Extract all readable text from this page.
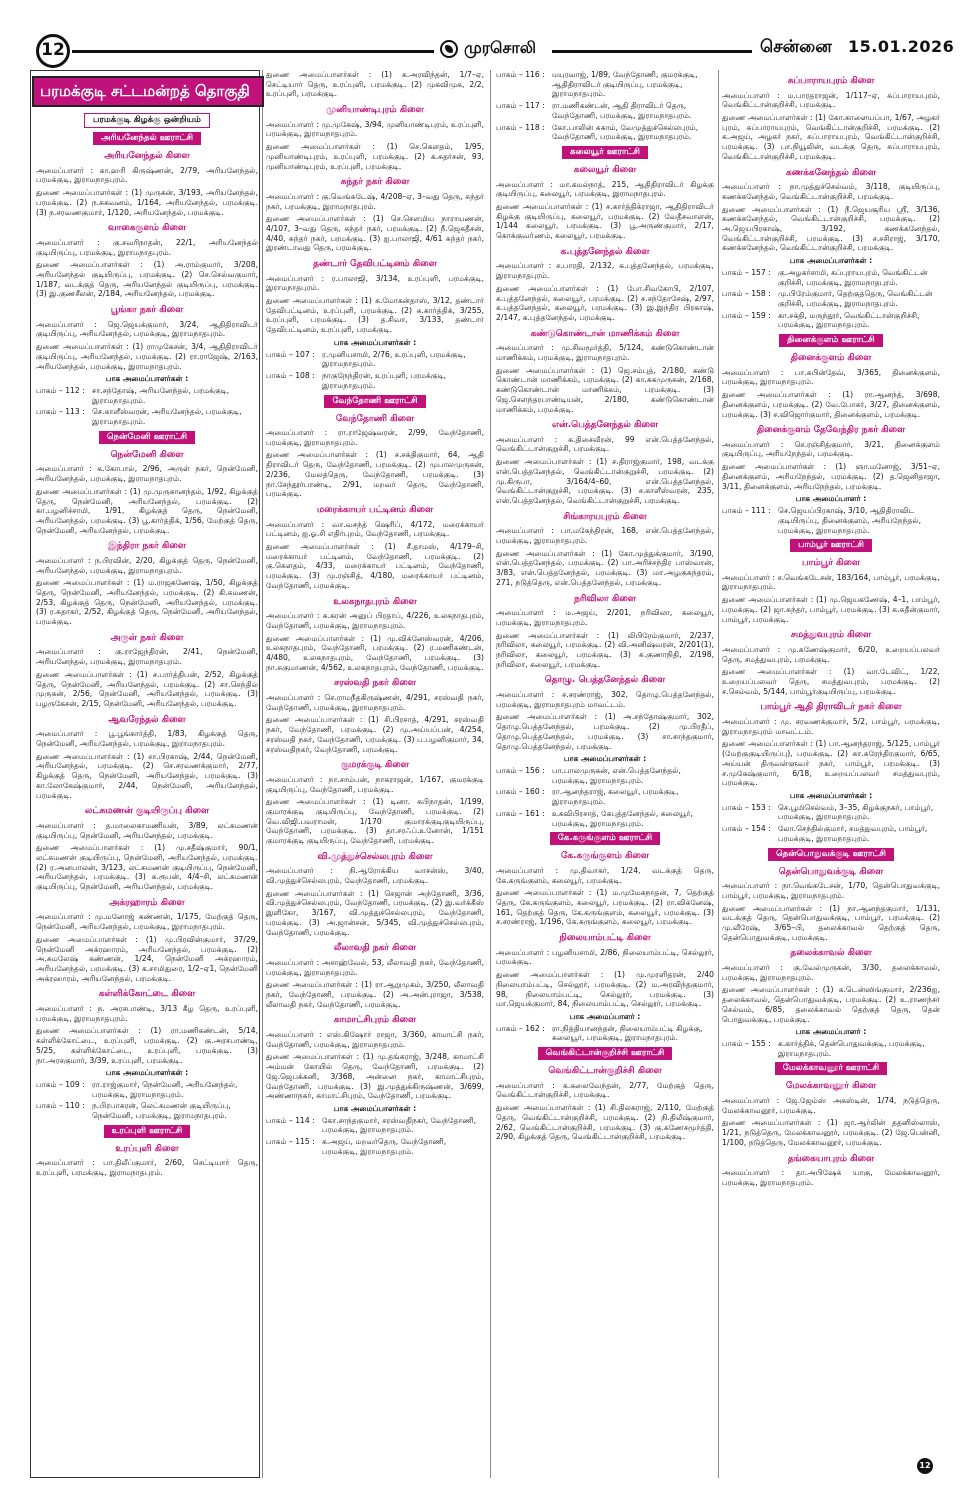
12	முரசொலி	சென்னை 15.01.2026
பரமக்குடி சட்டமன்றத் தொகுதி
பரமக்குடி கிழக்கு ஒன்றியம்
அரியனேந்தல் ஊராட்சி
அரியனேந்தல் கிளை
அமைப்பாளர் : கா.ஹரி கிருஷ்ணன், 2/79, அரியனேந்தல், பரமக்குடி, இராமநாதபுரம்.
துணை அமைப்பாளர்கள் : (1) முருகன், 3/193, அரியனேந்தல், பரமக்குடி. (2) ந.சுகவனம், 1/164, அரியனேந்தல், பரமக்குடி. (3) ந.சரவணகுமார், 1/120, அரியனேந்தல், பரமக்குடி.
வாகைகுளம் கிளை
அமைப்பாளர் : கு.சவரிநாதன், 22/1, அரியனேந்தல் குடியிருப்பு, பரமக்குடி, இராமநாதபுரம்.
துணை அமைப்பாளர்கள் : (1) அ.ராம்குமார், 3/208, அரியனேந்தல் குடியிருப்பு, பரமக்குடி. (2) செ.செல்வகுமார், 1/187, வடக்குத் தெரு, அரியனேந்தல் குடியிருப்பு, பரமக்குடி. (3) இ.குணசீலன், 2/184, அரியனேந்தல், பரமக்குடி.
பூங்கா நகர் கிளை
அமைப்பாளர் : ஜெ.ஜெயக்குமார், 3/24, ஆதிதிராவிடர் குடியிருப்பு, அரியனேந்தல், பரமக்குடி, இராமநாதபுரம்.
துணை அமைப்பாளர்கள் : (1) ராமுகேசன், 3/4, ஆதிதிராவிடர் குடியிருப்பு, அரியனேந்தல், பரமக்குடி. (2) ரா.ராஜேஷ், 2/163, அரியனேந்தல், பரமக்குடி, இராமநாதபுரம்.
பாக அமைப்பாளர்கள் :
பாகம் – 112 : சா.சந்தோஷ், அரியனேந்தல், பரமக்குடி, இராமநாதபுரம்.
பாகம் – 113 : செ.காளீஸ்வரன், அரியனேந்தல், பரமக்குடி, இராமநாதபுரம்.
நென்மேனி ஊராட்சி
நென்மேனி கிளை
அமைப்பாளர் : க.கோபால், 2/96, அருள் நகர், நென்மேனி, அரியனேந்தல், பரமக்குடி, இராமநாதபுரம்.
துணை அமைப்பாளர்கள் : (1) மு.முருகானந்தம், 1/92, கிழக்குத் தெரு, நென்மேனி, அரியனேந்தல், பரமக்குடி. (2) கா.பழனிச்சாமி, 1/91, கிழக்குத் தெரு, நென்மேனி, அரியனேந்தல், பரமக்குடி. (3) பூ.கார்த்திக், 1/56, மேற்குத் தெரு, நென்மேனி, அரியனேந்தல், பரமக்குடி.
இந்திரா நகர் கிளை
அமைப்பாளர் : ந.பிரவின், 2/20, கிழக்குத் தெரு, நென்மேனி, அரியனேந்தல், பரமக்குடி, இராமநாதபுரம்.
துணை அமைப்பாளர்கள் : (1) ம.ராஜகணேஷ், 1/50, கிழக்குத் தெரு, நென்மேனி, அரியனேந்தல், பரமக்குடி. (2) கி.சுமணன், 2/53, கிழக்குத் தெரு, நென்மேனி, அரியனேந்தல், பரமக்குடி. (3) ர.சுதாகர், 2/52, கிழக்குத் தெரு, நென்மேனி, அரியனேந்தல், பரமக்குடி.
அருள் நகர் கிளை
அமைப்பாளர் : கு.ராஜேந்திரன், 2/41, நென்மேனி, அரியனேந்தல், பரமக்குடி, இராமநாதபுரம்.
துணை அமைப்பாளர்கள் : (1) ச.பார்த்திபன், 2/52, கிழக்குத் தெரு, நென்மேனி, அரியனேந்தல், பரமக்குடி. (2) சா.செந்தில் முருகன், 2/56, நென்மேனி, அரியனேந்தல், பரமக்குடி. (3) பழருகேசன், 2/15, நென்மேனி, அரியனேந்தல், பரமக்குடி.
ஆவரேந்தல் கிளை
அமைப்பாளர் : பூ.பூங்கார்த்தி, 1/83, கிழக்குத் தெரு, நென்மேனி, அரியனேந்தல், பரமக்குடி, இராமநாதபுரம்.
துணை அமைப்பாளர்கள் : (1) சா.பிரகாஷ், 2/44, நென்மேனி, அரியனேந்தல், பரமக்குடி. (2) செ.சரவணக்குமார், 2/77, கிழக்குத் தெரு, நென்மேனி, அரியனேந்தல், பரமக்குடி. (3) கா.லோகேஷ்குமார், 2/44, நென்மேனி, அரியனேந்தல், பரமக்குடி.
லட்சுமணன் குடியிருப்பு கிளை
அமைப்பாளர் : த.மாலைகாமணியன், 3/89, லட்சுமணன் குடியிருப்பு, நென்மேனி, அரியனேந்தல், பரமக்குடி.
துணை அமைப்பாளர்கள் : (1) மு.சதீஷ்குமார், 90/1, லட்சுமணன் குடியிருப்பு, நென்மேனி, அரியனேந்தல், பரமக்குடி. (2) ர.அனபாலன், 3/123, லட்சுமணன் குடியிருப்பு, நென்மேனி, அரியனேந்தல், பரமக்குடி. (3) சு.ரூபன், 4/4–சி, லட்சுமணன் குடியிருப்பு, நென்மேனி, அரியனேந்தல், பரமக்குடி.
அக்ரஹாரம் கிளை
அமைப்பாளர் : மு.மனோஜ் கண்ணன், 1/175, மேற்குத் தெரு, நென்மேனி, அரியனேந்தல், பரமக்குடி, இராமநாதபுரம்.
துணை அமைப்பாளர்கள் : (1) மு.பிரவின்குமார், 37/29, நென்மேனி அக்ரஹாரம், அரியனேந்தல், பரமக்குடி. (2) அ.சுமலேஷ் கண்ணன், 1/24, நென்மேனி அக்ரஹாரம், அரியனேந்தல், பரமக்குடி. (3) க.சாமிதுரை, 1/2–ஏ1, நென்மேனி அக்ரஹாரம், அரியனேந்தல், பரமக்குடி.
கள்ளிக்கோட்டை கிளை
அமைப்பாளர் : ந. அரசபாண்டி, 3/13 கீழ தெரு, உரப்புளி, பரமக்குடி, இராமநாதபுரம்.
துணை அமைப்பாளர்கள் : (1) ரா.மணிகண்டன், 5/14, கள்ளிக்கோட்டை, உரப்புளி, பரமக்குடி. (2) கு.அரசபாண்டி, 5/25, கள்ளிக்கோட்டை, உரப்புளி, பரமக்குடி. (3) நா.அரசகுமார், 3/39, உரப்புளி, பரமக்குடி.
பாக அமைப்பாளர்கள் :
பாகம் – 109 : ரா.ராஜ்குமார், நென்மேனி, அரியனேந்தல், பரமக்குடி, இராமநாதபுரம்.
பாகம் – 110 : ந.பிரபாகரன், லெட்சுமணன் குடியிருப்பு, நென்மேனி, பரமக்குடி, இராமநாதபுரம்.
உரப்புளி ஊராட்சி
உரப்புளி கிளை
அமைப்பாளர் : பா.திலீப்குமார், 2/60, செட்டியார் தெரு, உரப்புளி, பரமக்குடி, இராமநாதபுரம்.
துணை அமைப்பாளர்கள் : (1) க.அரவிந்தன், 1/7–ஏ, செட்டியார் தெரு, உரப்புளி, பரமக்குடி. (2) முகவிமுக, 2/2, உரப்புளி, பரமக்குடி.
முனியாண்டிபுரம் கிளை
அமைப்பாளர் : மு.முகேஷ், 3/94, முனியாண்டிபுரம், உரப்புளி, பரமக்குடி, இராமநாதபுரம்.
துணை அமைப்பாளர்கள் : (1) செ.கௌதம், 1/95, முனியாண்டிபுரம், உரப்புளி, பரமக்குடி. (2) க.சுதர்சன், 93, முனியாண்டிபுரம், உரப்புளி, பரமக்குடி.
சுந்தர் நகர் கிளை
அமைப்பாளர் : கு.வெங்கடேஷ், 4/208–ஏ, 3–வது தெரு, சுந்தர் நகர், பரமக்குடி, இராமநாதபுரம்.
துணை அமைப்பாளர்கள் : (1) செ.சௌமிய நாராயணன், 4/107, 3–வது தெரு, சுந்தர் நகர், பரமக்குடி. (2) நீ.ஜெகதீசன், 4/40, சுந்தர் நகர், பரமக்குடி. (3) ஐ.பாலாஜி, 4/61 சுந்தர் நகர், இரண்டாவது தெரு, பரமக்குடி.
தண்டார் தேவிபட்டினம் கிளை
அமைப்பாளர் : ர.பாலாஜி, 3/134, உரப்புளி, பரமக்குடி, இராமநாதபுரம்.
துணை அமைப்பாளர்கள் : (1) க.மோகன்தாஸ், 3/12, தண்டார் தேவிபட்டினம், உரப்புளி, பரமக்குடி. (2) க.கார்த்திக், 3/255, உரப்புளி, பரமக்குடி. (3) த.சிவா, 3/133, தண்டார் தேவிபட்டினம், உரப்புளி, பரமக்குடி.
பாக அமைப்பாளர்கள் :
பாகம் – 107 : ர.முனியசாமி, 2/76, உரப்புளி, பரமக்குடி, இராமநாதபுரம்.
பாகம் – 108 : நாகுநேந்திரன், உரப்புளி, பரமக்குடி, இராமநாதபுரம்.
வேந்தோணி ஊராட்சி
வேந்தோணி கிளை
அமைப்பாளர் : ரா.ராஜேஷ்வரன், 2/99, வேந்தோணி, பரமக்குடி, இராமநாதபுரம்.
துணை அமைப்பாளர்கள் : (1) ச.சக்திகுமார், 64, ஆதி திராவிடர் தெரு, வேந்தோணி, பரமக்குடி. (2) முபாலமுருகன், 2/236, மேலத்தெரு, வேந்தோணி, பரமக்குடி. (3) நா.சேந்தூர்பாண்டி, 2/91, மறவர் தெரு, வேந்தோணி, பரமக்குடி.
மரைக்காயர் பட்டினம் கிளை
அமைப்பாளர் : வா.வசந்த் ஷெரிப், 4/172, மரைக்காயர் பட்டினம், ஐ.ஓ.சி எதிர்புறம், வேந்தோணி, பரமக்குடி.
துணை அமைப்பாளர்கள் : (1) சீ.தாமஸ், 4/179–சி, மரைக்காயர் பட்டினம், வேந்தோணி, பரமக்குடி. (2) கு.கௌதம், 4/33, மரைக்காயர் பட்டினம், வேந்தோணி, பரமக்குடி. (3) மு.ரஞ்சித், 4/180, மரைக்காயர் பட்டினம், வேந்தோணி, பரமக்குடி.
உலகநாதபுரம் கிளை
அமைப்பாளர் : க.கரன் அனுப் பிரதாப், 4/226, உலகநாதபுரம், வேந்தோணி, பரமக்குடி, இராமநாதபுரம்.
துணை அமைப்பாளர்கள் : (1) மு.விக்னேஸ்வரன், 4/206, உலகநாதபுரம், வேந்தோணி, பரமக்குடி. (2) ர.மணிகண்டன், 4/480, உலகநாதபுரம், வேந்தோணி, பரமக்குடி. (3) நா.சுகுமாணன், 4/562, உலகநாதபுரம், வேந்தோணி, பரமக்குடி.
சரஸ்வதி நகர் கிளை
அமைப்பாளர் : செ.ராமநீதகிருஷ்ணன், 4/291, சரஸ்வதி நகர், வேந்தோணி, பரமக்குடி, இராமநாதபுரம்.
துணை அமைப்பாளர்கள் : (1) சி.பிரசாத், 4/291, சரஸ்வதி நகர், வேந்தோணி, பரமக்குடி. (2) மு.அய்யப்பன், 4/254, சரஸ்வதி நகர், வேந்தோணி, பரமக்குடி. (3) ப.பழனிகுமார், 34, சரஸ்வதிநகர், வேந்தோணி, பரமக்குடி.
குமரக்குடி கிளை
அமைப்பாளர் : நா.சாம்பன், நாகராஜன், 1/167, குமரக்குடி குடியிருப்பு, வேந்தோணி, பரமக்குடி.
துணை அமைப்பாளர்கள் : (1) டினா. சுபிநாதன், 1/199, குமாரக்குடி குடியிருப்பு, வேந்தோணி, பரமக்குடி. (2) வெ.விஜி.பவராமன், 1/170 குமாரக்குடிகுடியிருப்பு, வேந்தோணி, பரமக்குடி. (3) தா.சரஃப்.உனோன், 1/151 குமாரக்குடி குடியிருப்பு, வேந்தோணி, பரமக்குடி.
வி.முத்துச்செல்லபுரம் கிளை
அமைப்பாளர் : நி.ஆரோக்கிய வாசன்ஸ், 3/40, வி.முத்துச்செல்லபுரம், வேந்தோணி, பரமக்குடி.
துணை அமைப்பாளர்கள் : (1) செஜான் அந்தோணி, 3/36, வி.முத்துச்செல்லபுரம், வேந்தோணி, பரமக்குடி. (2) இ.வர்க்கீஸ் இளிகோ, 3/167, வி.முத்துச்செல்லபுரம், வேந்தோணி, பரமக்குடி. (3) அ.ஜான்சன், 5/345, வி.முத்துச்செல்லபுரம், வேந்தோணி, பரமக்குடி.
லீலாவதி நகர் கிளை
அமைப்பாளர் : அசாஹ்வேல், 53, லீலாவதி நகர், வேந்தோணி, பரமக்குடி, இராமநாதபுரம்.
துணை அமைப்பாளர்கள் : (1) ரா.ஆறுமுகம், 3/250, லீலாவதி நகர், வேந்தோணி, பரமக்குடி. (2) அ.அன்புராஜா, 3/538, லீலாவதி நகர், வேந்தோணி, பரமக்குடி.
காமாட்சிபுரம் கிளை
அமைப்பாளர் : எஸ்.கிஷோர் ராஜா, 3/360, காமாட்சி நகர், வேந்தோணி, பரமக்குடி, இராமநாதபுரம்.
துணை அமைப்பாளர்கள் : (1) மு.தங்கராஜ், 3/248, காமாட்சி அம்மன் கோயில் தெரு, வேந்தோணி, பரமக்குடி. (2) ஜே.ஜெபக்கனி, 3/368, அன்னை நகர், காமாட்சிபுரம், வேந்தோணி, பரமக்குடி. (3) இ.முத்துக்கிருஷ்ணன், 3/699, அண்ணாநகர், காமாட்சிபுரம், வேந்தோணி, பரமக்குடி.
பாக அமைப்பாளர்கள் :
பாகம் – 114 : கோ.சாந்தகுமார், சரஸ்வதிநகர், வேந்தோணி, பரமக்குடி, இராமநாதபுரம்.
பாகம் – 115 : க.அஜய், மறவர்தெரு, வேந்தோணி, பரமக்குடி, இராமநாதபுரம்.
பாகம் – 116 : மயுரவாஜ், 1/89, வேந்தோணி, குமரக்குடி, ஆதிதிராவிடர் குடியிருப்பு, பரமக்குடி, இராமநாதபுரம்.
பாகம் – 117 : ரா.மணிகண்டன், ஆதி திராவிடர் தெரு, வேந்தோணி, பரமக்குடி, இராமநாதபுரம்.
பாகம் – 118 : கோ.பாலின் சுகாம், வேமுத்துச்செல்லபுரம், வேந்தோணி, பரமக்குடி, இராமநாதபுரம்.
கலையூர் ஊராட்சி
கலையூர் கிளை
அமைப்பாளர் : மா.கமல்நாத், 215, ஆதிதிராவிடர் கிழக்கு குடியிருப்பு, கலையூர், பரமக்குடி, இராமநாதபுரம்.
துணை அமைப்பாளர்கள் : (1) ச.கார்த்திக்ராஜா, ஆதிதிராவிடர் கிழக்கு குடியிருப்பு, கலையூர், பரமக்குடி. (2) வேதீசவாளன், 1/144 கலையூர், பரமக்குடி. (3) பூ.அருண்குமார், 2/17, கொக்குவா்ணம், கலையூர், பரமக்குடி.
க.புத்தனேந்தல் கிளை
அமைப்பாளர் : ச.பாரதி, 2/132, க.புத்தனேந்தல், பரமக்குடி, இராமநாதபுரம்.
துணை அமைப்பாளர்கள் : (1) போ.சிவகோபி, 2/107, க.புத்தனேந்தல், கலையூர், பரமக்குடி. (2) ச.சந்தோசேஷ், 2/97, க.புத்தனேந்தல், கலையூர், பரமக்குடி. (3) இ.இந்திர பிரகாஷ், 2/147, க.புத்தனேந்தல், பரமக்குடி.
கண்டுகொண்டான் மாணிக்கம் கிளை
அமைப்பாளர் : மு.சிவமூர்த்தி, 5/124, கண்டுகொண்டான் மாணிக்கம், பரமக்குடி, இராமநாதபுரம்.
துணை அமைப்பாளர்கள் : (1) ஜெ.சம்புத், 2/180, கண்டு கொண்டான் மாணிக்கம், பரமக்குடி. (2) கா.சுகமுருகன், 2/168, கண்டுகொண்டான் மாணிக்கம், பரமக்குடி. (3) ஜெ.சௌந்தரபாண்டியன், 2/180, கண்டுகொண்டான் மாணிக்கம், பரமக்குடி.
என்.பெத்தனேந்தல் கிளை
அமைப்பாளர் : க.திசைவீரன், 99 என்.பெத்தனேந்தல், வெங்கிட்டான்குறுச்சி, பரமக்குடி.
துணை அமைப்பாளர்கள் : (1) ச.திராஜ்குமார், 198, வடக்கு என்.பெத்தனேந்தல், வெங்கிட்டான்குறுச்சி, பரமக்குடி. (2) மு.கிருபா, 3/164/4–60, என்.பெத்தனேந்தல், வெங்கிட்டான்குறுச்சி, பரமக்குடி. (3) ச.காளீஸ்வரன், 235, என்.பெத்தனேந்தல், வெங்கிட்டான்குறுச்சி, பரமக்குடி.
சிங்காரயபுரம் கிளை
அமைப்பாளர் : பா.மகேந்திரன், 168, என்.பெத்தனேந்தல், பரமக்குடி, இராமநாதபுரம்.
துணை அமைப்பாளர்கள் : (1) கோ.முத்துக்குமார், 3/190, என்.பெத்தனேந்தல், பரமக்குடி. (2) பா.அரிச்சந்திர பாஸ்வான், 3/83, என்.பெத்தனேந்தல், பரமக்குடி. (3) மா.அழகுசுந்தரம், 271, நடுத்தெரு, என்.பெத்தனேந்தல், பரமக்குடி.
நரிவிலா கிளை
அமைப்பாளர் : ம.அஜய், 2/201, நரிவிலா, கலையூர், பரமக்குடி, இராமநாதபுரம்.
துணை அமைப்பாளர்கள் : (1) லிபிரேம்குமார், 2/237, நரிவிலா, கலையூர், பரமக்குடி. (2) வி.அனிஷ்வரன், 2/201(1), நரிவிலா, கலையூர், பரமக்குடி. (3) சு.குணாநிதி, 2/198, நரிவிலா, கலையூர், பரமக்குடி.
தொழு. பெத்தனேந்தல் கிளை
அமைப்பாளர் : ச.சரண்ராஜ், 302, தொழு.பெத்தனேந்தல், பரமக்குடி, இராமநாதபுரம் மாவட்டம்.
துணை அமைப்பாளர்கள் : (1) அ.சந்தோஷ்குமார், 302, தொழு.பெத்தனேந்தல், பரமக்குடி. (2) மு.பிரதீப், தொழு.பெத்தனேந்தல், பரமக்குடி. (3) சா.சாந்தகுமார், தொழு.பெத்தனேந்தல், பரமக்குடி.
பாக அமைப்பாளர்கள் :
பாகம் – 156 : பா.பாலமுருகன், என்.பெத்தனேந்தல், பரமக்குடி, இராமநாதபுரம்.
பாகம் – 160 : ரா.ஆனந்தராஜ், கலையூர், பரமக்குடி, இராமநாதபுரம்.
பாகம் – 161 : உகவிபிரசாத், கேபுத்தனேந்தல், கலையூர், பரமக்குடி, இராமநாதபுரம்.
கே.கருங்குளம் ஊராட்சி
கே.கருங்குளம் கிளை
அமைப்பாளர் : மு.திவாகர், 1/24, வடக்குத் தெரு, கே.கருங்குளம், கலையூர், பரமக்குடி.
துணை அமைப்பாளர்கள் : (1) ம.முமேகநாதன், 7, தெற்குத் தெரு, கே.கருங்குளம், கலையூர், பரமக்குடி. (2) ரா.விக்னேஷ், 161, தெற்குத் தெரு, கே.கருங்குளம், கலையூர், பரமக்குடி. (3) ச.சரண்ராஜ், 1/196, கே.கருங்குளம், கலையூர், பரமக்குடி.
நிலையாம்பட்டி கிளை
அமைப்பாளர் : பழனியசாமி, 2/86, நிலையாம்பட்டி, செல்லூர், பரமக்குடி.
துணை அமைப்பாளர்கள் : (1) மு.முரளிதரன், 2/40 நிலையாம்பட்டி, செல்லூர், பரமக்குடி. (2) ம.அரவிந்தகுமார், 98, நிலையாம்பட்டி, செல்லூர், பரமக்குடி. (3) மா.ஜெயக்குமார், 84, நிலையாம்பட்டி, செல்லூர், பரமக்குடி.
பாக அமைப்பாளர் :
பாகம் – 162 : ரா.நித்தியானந்தன், நிலையாம்பட்டி கிழக்கு, கலையூர், பரமக்குடி, இராமநாதபுரம்.
வெங்கிட்டான்குறிச்சி ஊராட்சி
வெங்கிட்டான்குறிச்சி கிளை
அமைப்பாளர் : க.கலைவேந்தன், 2/77, மேற்குத் தெரு, வெங்கிட்டான்குறிச்சி, பரமக்குடி.
துணை அமைப்பாளர்கள் : (1) சி.திலகராஜ், 2/110, மேற்குத் தெரு, வெங்கிட்டான்குறிச்சி, பரமக்குடி. (2) நி.திலீஷ்குமார், 2/62, வெங்கிட்டான்குறிச்சி, பரமக்குடி. (3) கு.கணேசமூர்த்தி, 2/90, கிழக்குத் தெரு, வெங்கிட்டான்குறிச்சி, பரமக்குடி.
சுப்பாராயபுரம் கிளை
அமைப்பாளர் : ம.பாரதராஜன், 1/117–ஏ, சுப்பாராயபுரம், வெங்கிட்டான்குறிச்சி, பரமக்குடி.
துணை அமைப்பாளர்கள் : (1) கோ.காளையப்பா, 1/67, அழகர் புரம், சுப்பாராயபுரம், வெங்கிட்டான்குறிச்சி, பரமக்குடி. (2) க.அஜய், அழகர் நகர், சுப்பாராயபுரம், வெங்கிட்டான்குறிச்சி, பரமக்குடி. (3) பா.நியூலின், வடக்கு தெரு, சுப்பாராயபுரம், வெங்கிட்டான்குறிச்சி, பரமக்குடி.
கணக்கனேந்தல் கிளை
அமைப்பாளர் : நா.முத்துச்செல்வம், 3/118, குடியிருப்பு, கணக்கனேந்தல், வெங்கிட்டான்குறிச்சி, பரமக்குடி.
துணை அமைப்பாளர்கள் : (1) நீ.ஜெயசூரிய ஸ்ரீ, 3/136, கணக்கனேந்தல், வெங்கிட்டான்குறிச்சி, பரமக்குடி. (2) அ.ஜெயபிரகாஷ், 3/192, கணக்கனேந்தல், வெங்கிட்டான்குறிச்சி, பரமக்குடி. (3) ச.சசிராஜ், 3/170, கணக்கனேந்தல், வெங்கிட்டான்குறிச்சி, பரமக்குடி.
பாக அமைப்பாளர்கள் :
பாகம் – 157 : கு.அழகர்சாமி, சுப்புராயபுரம், வெங்கிட்டன் குறிச்சி, பரமக்குடி, இராமநாதபுரம்.
பாகம் – 158 : மு.பிரேம்குமார், தெற்குத்தெரு, வெங்கிட்டன் குறிச்சி, பரமக்குடி, இராமநாதபுரம்.
பாகம் – 159 : கா.சக்தி, மருந்தூர், வெங்கிட்டான்குறிச்சி, பரமக்குடி, இராமநாதபுரம்.
தினைக்குளம் ஊராட்சி
தினைக்குளம் கிளை
அமைப்பாளர் : பா.சுபின்தேவ், 3/365, தினைக்குளம், பரமக்குடி, இராமநாதபுரம்.
துணை அமைப்பாளர்கள் : (1) ரா.ஆனந்த், 3/698, தினைக்குளம், பரமக்குடி. (2) வே.போகர், 3/27, தினைக்குளம், பரமக்குடி. (3) ச.விஜொர்குமார், தினைக்குளம், பரமக்குடி.
தினைக்குளம் தேவேந்திர நகர் கிளை
அமைப்பாளர் : செ.ரஞ்சித்குமார், 3/21, தினைக்குளம் குடியிருப்பு, அரியநேந்தல், பரமக்குடி.
துணை அமைப்பாளர்கள் : (1) ஞா.மனோஜ், 3/51–ஏ, தினைக்குளம், அரியநேந்தல், பரமக்குடி. (2) த.ஜெனிதாஜா, 3/11, தினைக்குளம், அரியநேந்தல், பரமக்குடி.
பாக அமைப்பாளர் :
பாகம் – 111 : செ.ஜெயப்பிரகாஷ், 3/10, ஆதிதிராவிட குடியிருப்பு, தினைக்குளம், அரியநேந்தல், பரமக்குடி, இராமநாதபுரம்.
பாம்பூர் ஊராட்சி
பாம்பூர் கிளை
அமைப்பாளர் : ச.வெங்கடேசன், 183/164, பாம்பூர், பரமக்குடி, இராமநாதபுரம்.
துணை அமைப்பாளர்கள் : (1) மு.ஜெயகணேஷ், 4–1, பாம்பூர், பரமக்குடி. (2) ஜா.சுந்தர், பாம்பூர், பரமக்குடி. (3) க.சுதீன்குமார், பாம்பூர், பரமக்குடி.
சமத்துவபுரம் கிளை
அமைப்பாளர் : மு.கணேஷ்குமார், 6/20, உறையப்பலவர் தெரு, சமத்துவபுரம், பரமக்குடி.
துணை அமைப்பாளர்கள் : (1) வா.டேவிட், 1/22, உறையப்பலவர் தெரு, சமத்துவபுரம், பரமக்குடி. (2) ச.செல்வம், 5/144, பாம்பூர்குடியிருப்பு, பரமக்குடி.
பாம்பூர் ஆதி திராவிடர் நகர் கிளை
அமைப்பாளர் : மு. சரவணக்குமார், 5/2, பாம்பூர், பரமக்குடி, இராமநாதபுரம் மாவட்டம்.
துணை அமைப்பாளர்கள் : (1) பா.ஆனந்தராஜ், 5/125, பாம்பூர் (மேற்குகுடியிருப்பு), பரமக்குடி. (2) கா.சுரேந்திரகுமார், 6/65, அய்யன் திருவள்ளுவர் நகர், பாம்பூர், பரமக்குடி. (3) ச.முகேஷ்குமார், 6/18, உறையப்பலவர் சமத்துவபுரம், பரமக்குடி.
பாக அமைப்பாளர்கள் :
பாகம் – 153 : செ.பூமிசெல்வம், 3–35, கிழக்குநகர், பாம்பூர், பரமக்குடி, இராமநாதபுரம்.
பாகம் – 154 : லோ.செந்தில்குமார், சமத்துவபுரம், பாம்பூர், பரமக்குடி, இராமநாதபுரம்.
தென்பொதுவக்குடி ஊராட்சி
தென்பொதுவக்குடி கிளை
அமைப்பாளர் : நா.வெங்கடேசன், 1/70, தென்பொதுவக்குடி, பாம்பூர், பரமக்குடி, இராமநாதபுரம்.
துணை அமைப்பாளர்கள் : (1) நா.ஆனந்தகுமார், 1/131, வடக்குத் தெரு, தென்பொதுவக்குடி, பாம்பூர், பரமக்குடி. (2) மு.வீரேஷ், 3/65–பி, தலைக்காவல் தெற்குத் தெரு, தென்பொதுவக்குடி, பரமக்குடி.
தலைக்காவல் கிளை
அமைப்பாளர் : கு.வேல்முருகன், 3/30, தலைக்காவல், பரமக்குடி, இராமநாதபுரம்.
துணை அமைப்பாளர்கள் : (1) க.டென்ஸிங்குமார், 2/236ஐ, தலைக்காவல், தென்பொதுவக்குடி, பரமக்குடி. (2) உ.ராணந்சர் செல்வம், 6/85, தலைக்காவல் தெற்குத் தெரு, தென் பொதுவக்குடி, பரமக்குடி.
பாக அமைப்பாளர் :
பாகம் – 155 : க.கார்த்திக், தென்பொதுவக்குடி, பரமக்குடி, இராமநாதபுரம்.
மேலக்காவனூர் ஊராட்சி
மேலக்காவனூர் கிளை
அமைப்பாளர் : ஜே.ஜேம்ஸ் அகஸ்டின், 1/74, நடுத்தெரு, மேலக்காவனூர், பரமக்குடி.
துணை அமைப்பாளர்கள் : (1) ஜா.ஆர்லின் ததனிஸ்லாஸ், 1/21, நடுத்தெரு, மேலக்காவனூர், பரமக்குடி. (2) ஜே.பென்னி, 1/100, நடுத்தெரு, மேலக்காவனூர், பரமக்குடி.
தங்கையாபுரம் கிளை
அமைப்பாளர் : தா.அபிஷேக் யாகு, மேலக்காவனூர், பரமக்குடி, இராமநாதபுரம்.
12
